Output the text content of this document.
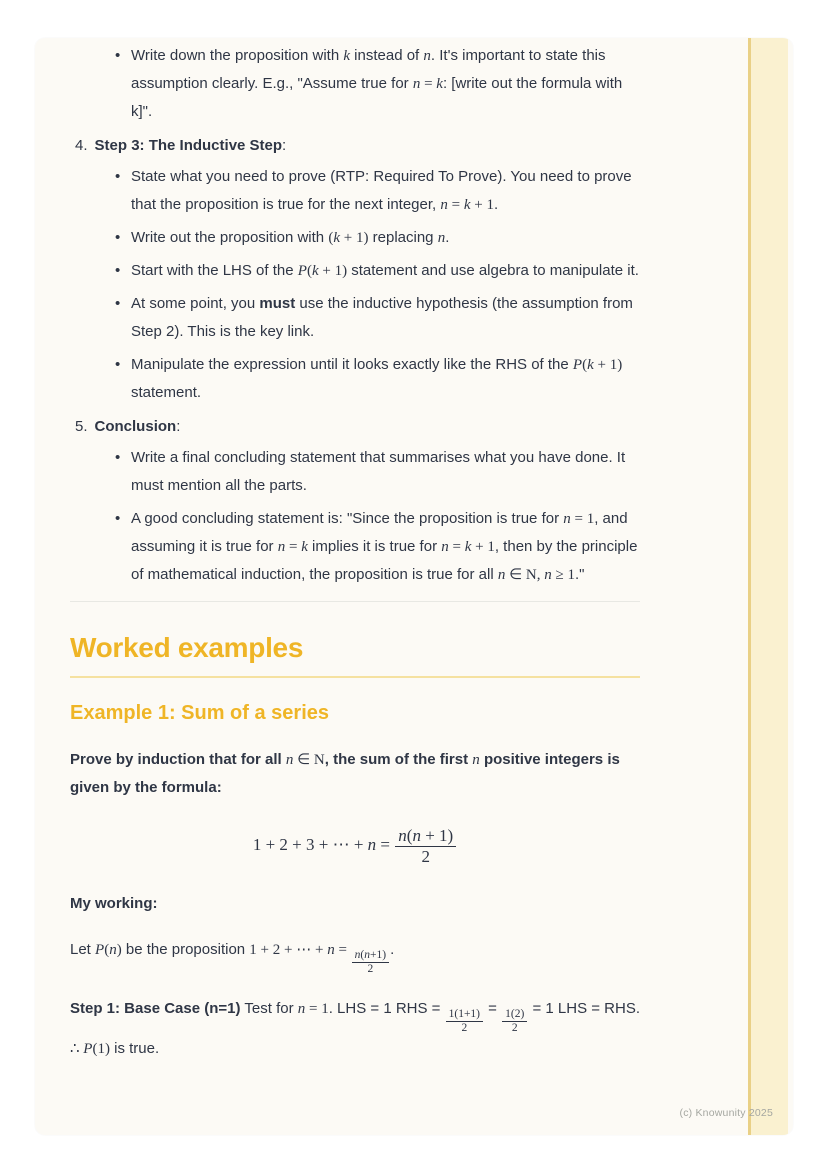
• Write down the proposition with k instead of n. It's important to state this assumption clearly. E.g., "Assume true for n = k: [write out the formula with k]".
4. Step 3: The Inductive Step:
• State what you need to prove (RTP: Required To Prove). You need to prove that the proposition is true for the next integer, n = k + 1.
• Write out the proposition with (k + 1) replacing n.
• Start with the LHS of the P(k + 1) statement and use algebra to manipulate it.
• At some point, you must use the inductive hypothesis (the assumption from Step 2). This is the key link.
• Manipulate the expression until it looks exactly like the RHS of the P(k + 1) statement.
5. Conclusion:
• Write a final concluding statement that summarises what you have done. It must mention all the parts.
• A good concluding statement is: "Since the proposition is true for n = 1, and assuming it is true for n = k implies it is true for n = k + 1, then by the principle of mathematical induction, the proposition is true for all n ∈ N, n ≥ 1."
Worked examples
Example 1: Sum of a series

Prove by induction that for all n ∈ N, the sum of the first n positive integers is given by the formula:

1 + 2 + 3 + ⋯ + $n = \frac{n(n + 1)}{2}$

My working:

Let P(n) be the proposition 1 + 2 + ⋯ + $n = \frac{n(n+1)}{2}$ .

Step 1: Base Case (n=1) Test for n = 1. LHS = 1 RHS = $\frac{1(1+1)}{2} = \frac{1(2)}{2} = 1$ LHS = RHS. ∴ P(1) is true.

(c) Knowunity 2025
